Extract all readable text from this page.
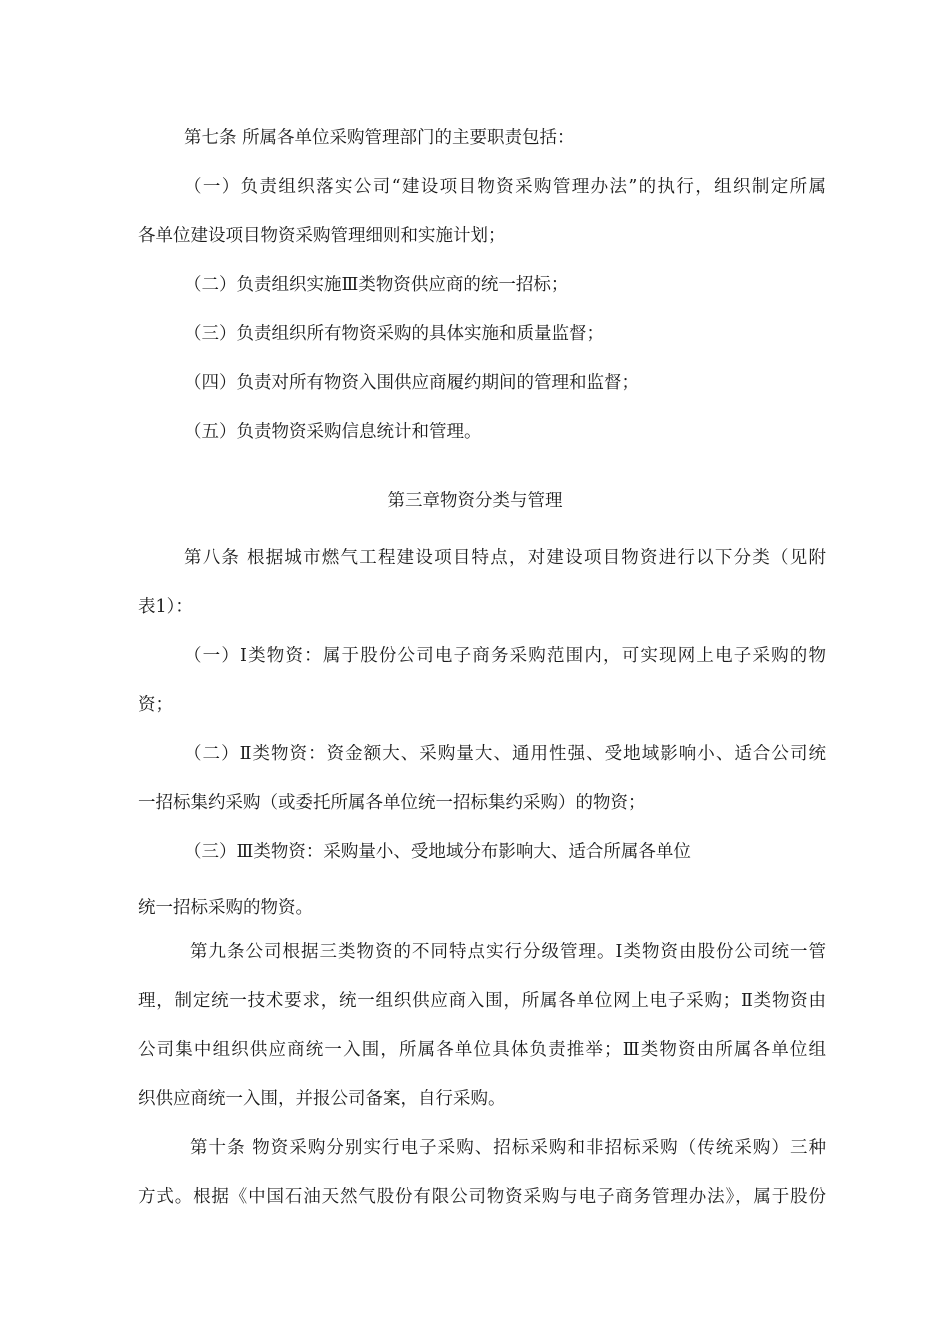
第七条 所属各单位采购管理部门的主要职责包括：

（一）负责组织落实公司“建设项目物资采购管理办法”的执行，组织制定所属
各单位建设项目物资采购管理细则和实施计划；

（二）负责组织实施Ⅲ类物资供应商的统一招标；

（三）负责组织所有物资采购的具体实施和质量监督；

（四）负责对所有物资入围供应商履约期间的管理和监督；

（五）负责物资采购信息统计和管理。

第三章物资分类与管理

第八条 根据城市燃气工程建设项目特点，对建设项目物资进行以下分类（见附
表1）：
（一）Ⅰ类物资：属于股份公司电子商务采购范围内，可实现网上电子采购的物
资；
（二）Ⅱ类物资：资金额大、采购量大、通用性强、受地域影响小、适合公司统
一招标集约采购（或委托所属各单位统一招标集约采购）的物资；

（三）Ⅲ类物资：采购量小、受地域分布影响大、适合所属各单位

统一招标采购的物资。

第九条公司根据三类物资的不同特点实行分级管理。Ⅰ类物资由股份公司统一管
理，制定统一技术要求，统一组织供应商入围，所属各单位网上电子采购；Ⅱ类物资由
公司集中组织供应商统一入围，所属各单位具体负责推举；Ⅲ类物资由所属各单位组
织供应商统一入围，并报公司备案，自行采购。
第十条 物资采购分别实行电子采购、招标采购和非招标采购（传统采购）三种
方式。根据《中国石油天然气股份有限公司物资采购与电子商务管理办法》，属于股份
